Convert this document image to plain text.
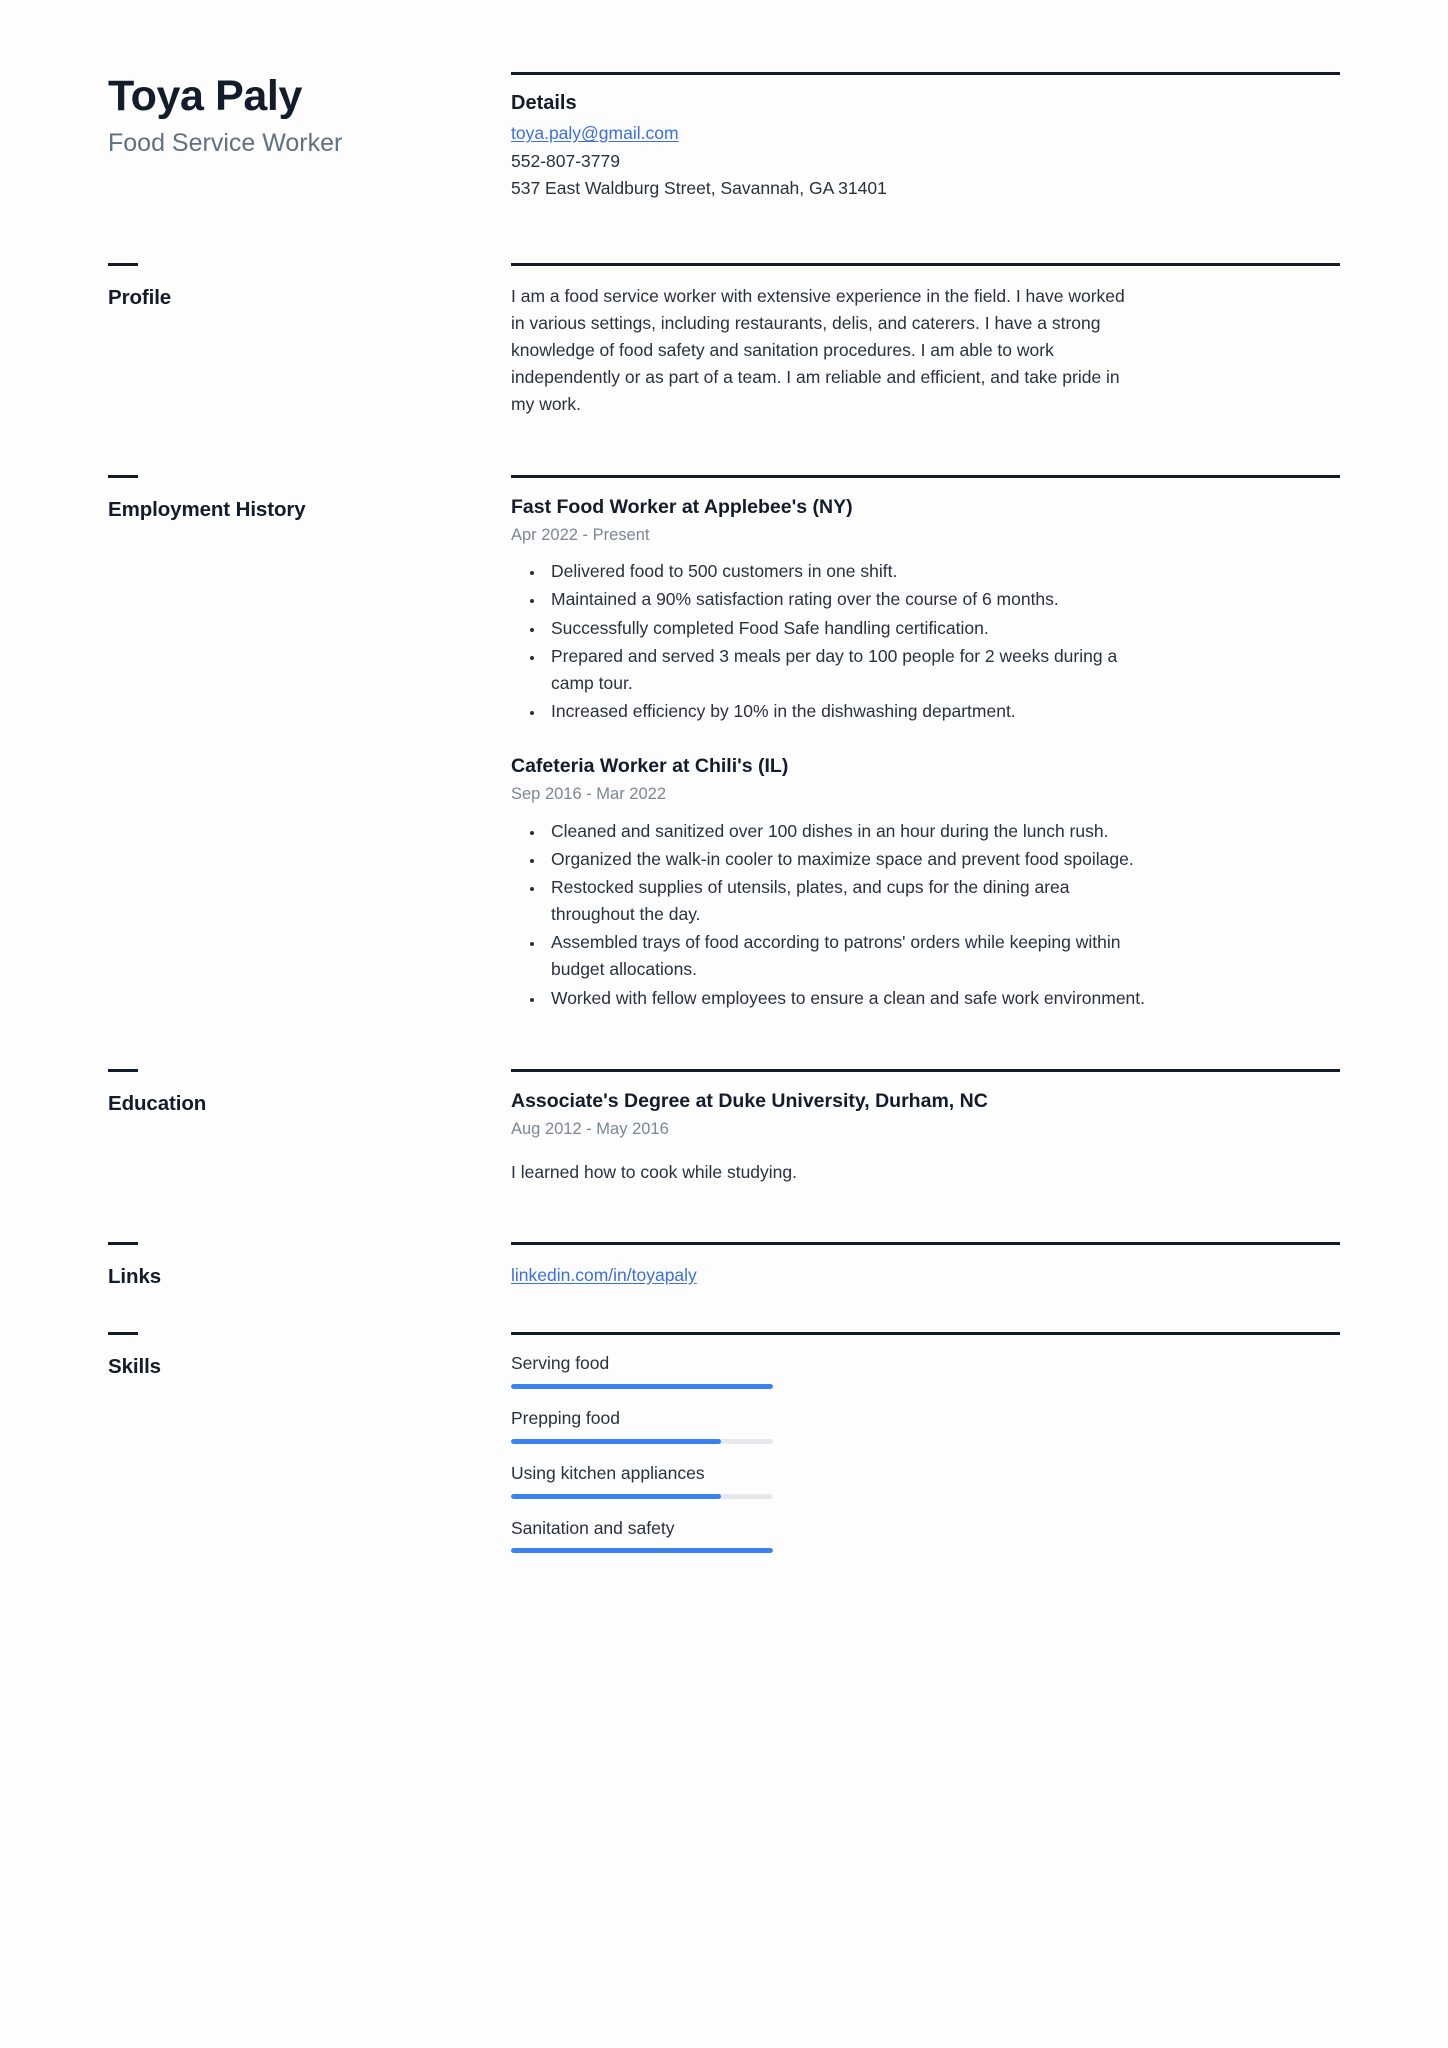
Toya Paly
Food Service Worker
Details
toya.paly@gmail.com
552-807-3779
537 East Waldburg Street, Savannah, GA 31401
Profile	I am a food service worker with extensive experience in the field. I have worked in various settings, including restaurants, delis, and caterers. I have a strong knowledge of food safety and sanitation procedures. I am able to work independently or as part of a team. I am reliable and efficient, and take pride in my work.

Employment History	Fast Food Worker at Applebee's (NY)
Apr 2022 - Present
• Delivered food to 500 customers in one shift.
• Maintained a 90% satisfaction rating over the course of 6 months.
• Successfully completed Food Safe handling certification.
• Prepared and served 3 meals per day to 100 people for 2 weeks during a camp tour.
• Increased efficiency by 10% in the dishwashing department.
Cafeteria Worker at Chili's (IL)
Sep 2016 - Mar 2022
• Cleaned and sanitized over 100 dishes in an hour during the lunch rush.
• Organized the walk-in cooler to maximize space and prevent food spoilage.
• Restocked supplies of utensils, plates, and cups for the dining area throughout the day.
• Assembled trays of food according to patrons' orders while keeping within budget allocations.
• Worked with fellow employees to ensure a clean and safe work environment.
Education	Associate's Degree at Duke University, Durham, NC
Aug 2012 - May 2016
I learned how to cook while studying.
Links	linkedin.com/in/toyapaly
Skills	Serving food
Prepping food
Using kitchen appliances
Sanitation and safety
